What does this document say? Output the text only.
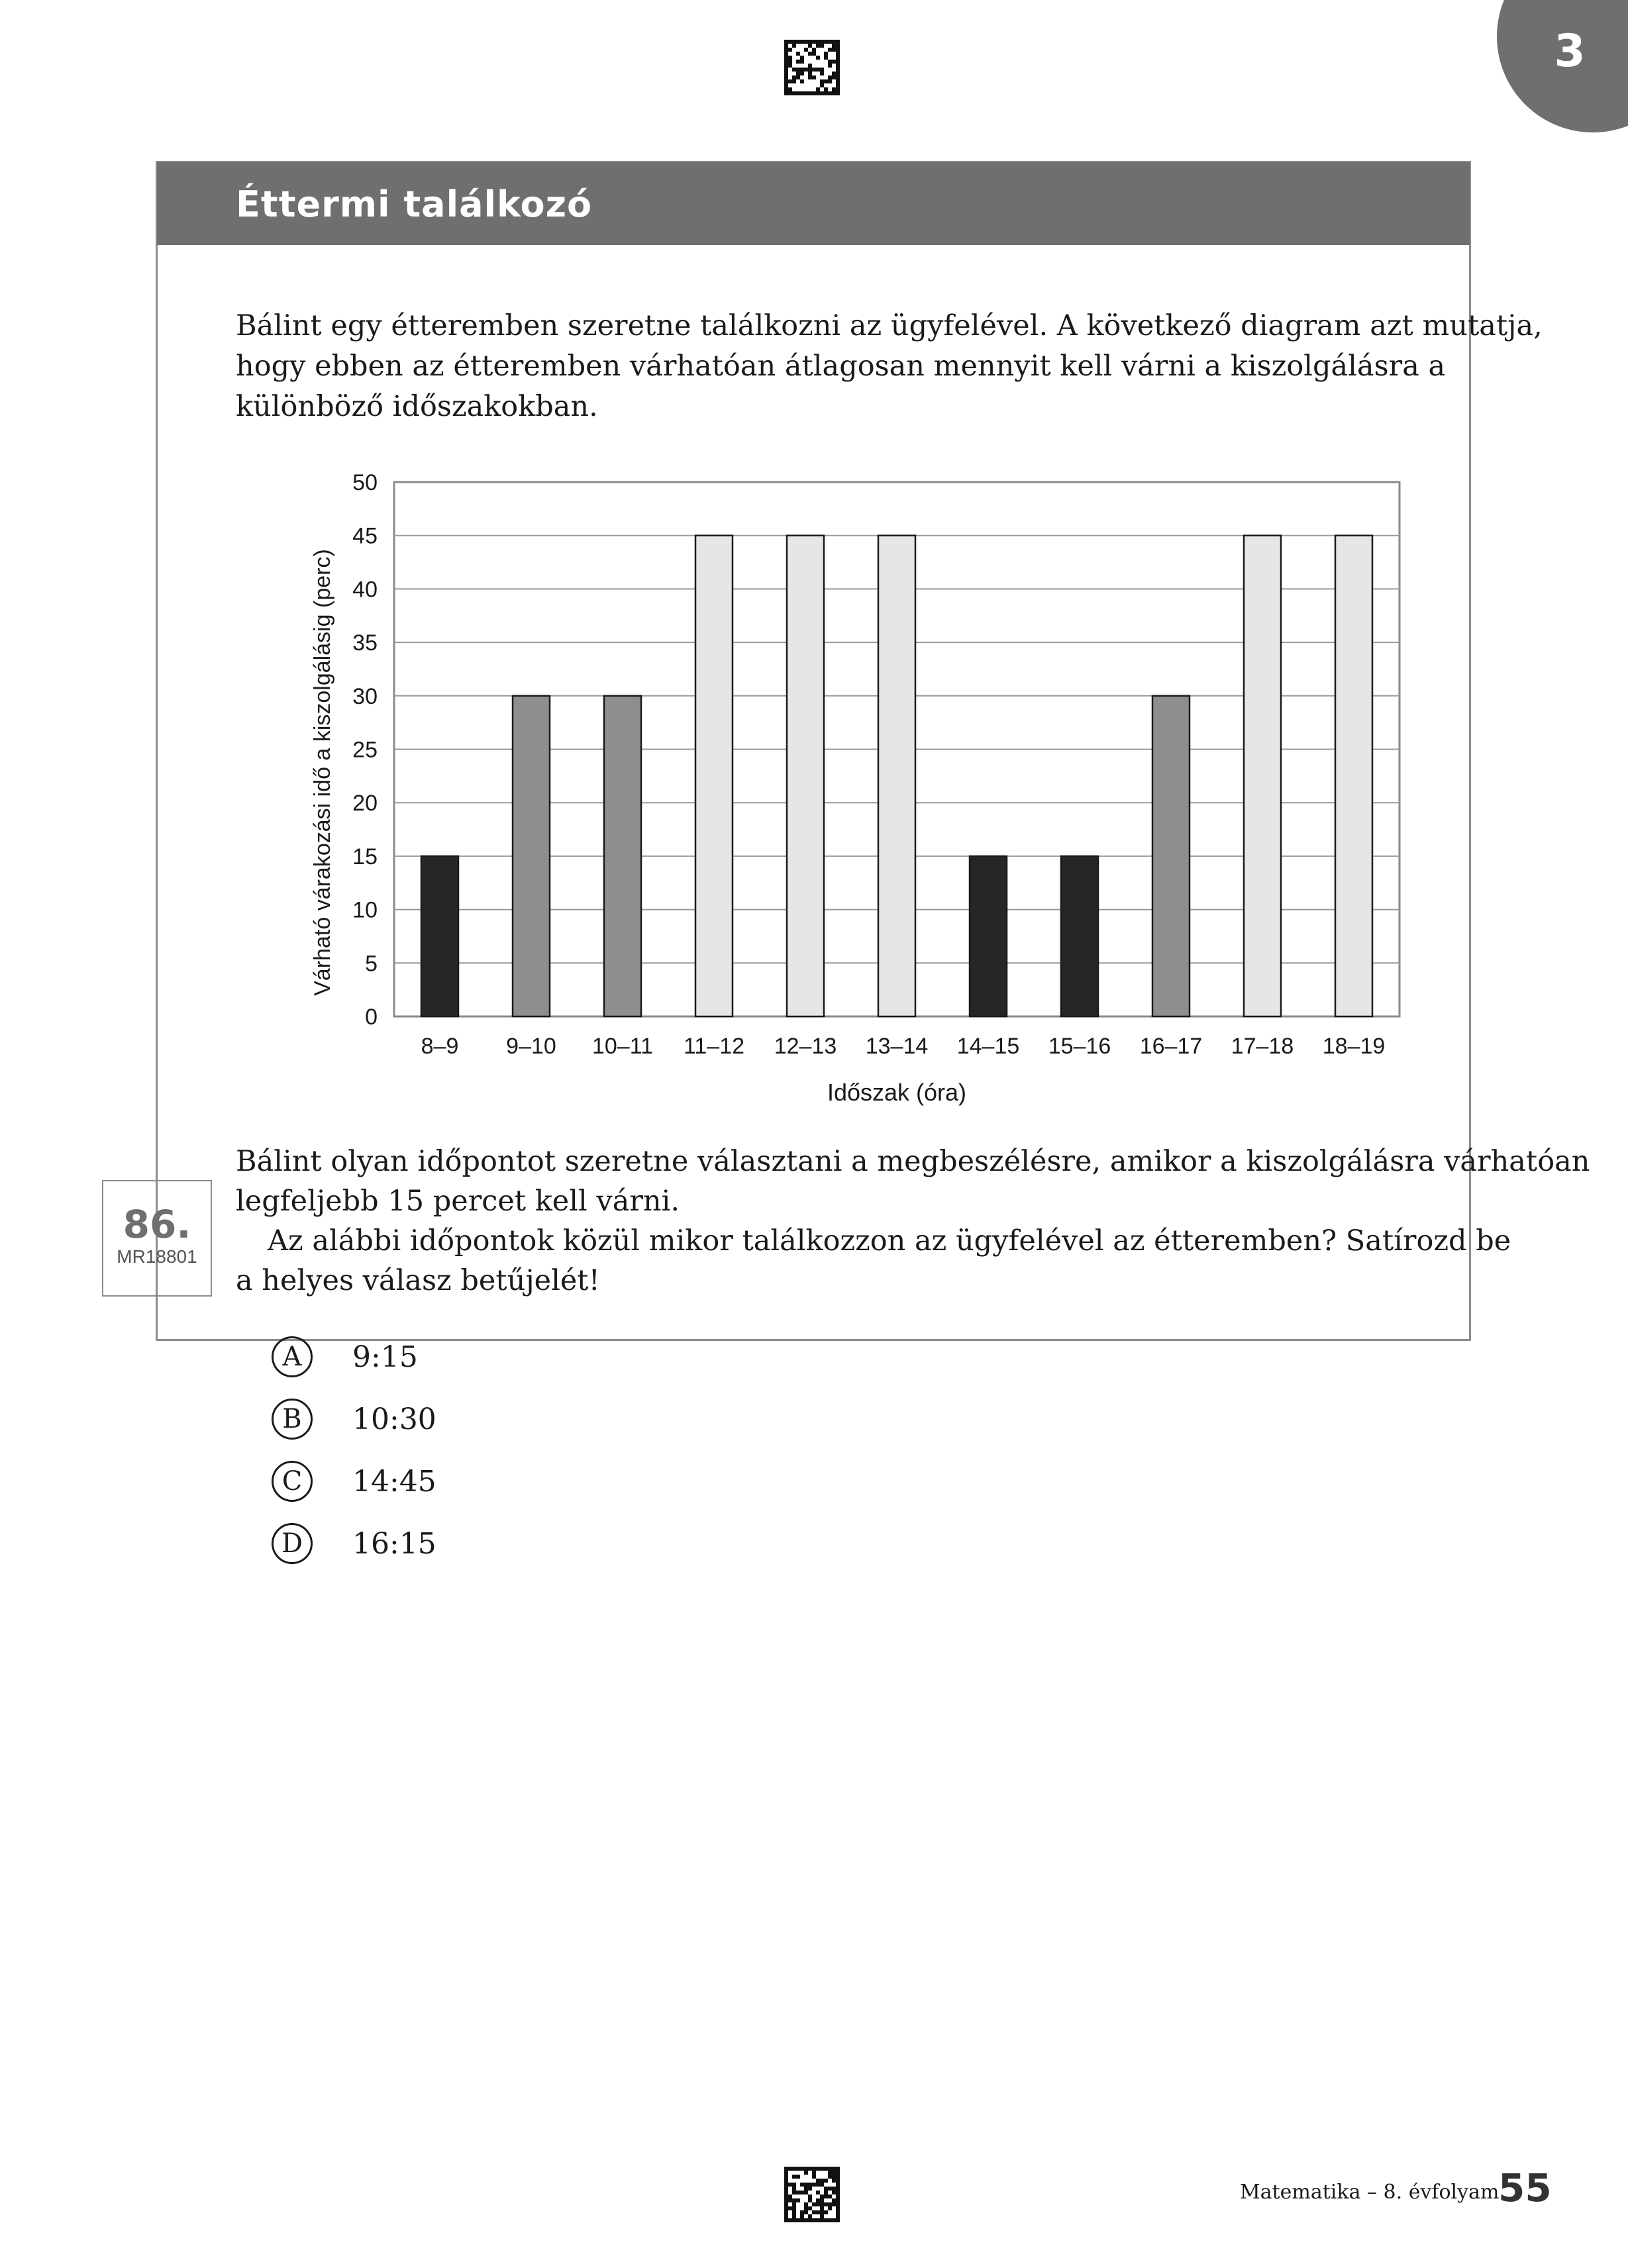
3
Éttermi találkozó
Bálint egy étteremben szeretne találkozni az ügyfelével. A következő diagram azt mutatja,
hogy ebben az étteremben várhatóan átlagosan mennyit kell várni a kiszolgálásra a
különböző időszakokban.
0
5
10
15
20
25
30
35
40
45
50
8–9 9–10 10–11 11–12 12–13 13–14 14–15 15–16 16–17 17–18 18–19
Időszak (óra)
Várható várakozási idő a kiszolgálásig (perc)
Bálint olyan időpontot szeretne választani a megbeszélésre, amikor a kiszolgálásra várhatóan
legfeljebb 15 percet kell várni.
Az alábbi időpontok közül mikor találkozzon az ügyfelével az étteremben? Satírozd be
a helyes válasz betűjelét!
86.
MR18801
A	9:15
B	10:30
C	14:45
D	16:15
Matematika – 8. évfolyam
55
